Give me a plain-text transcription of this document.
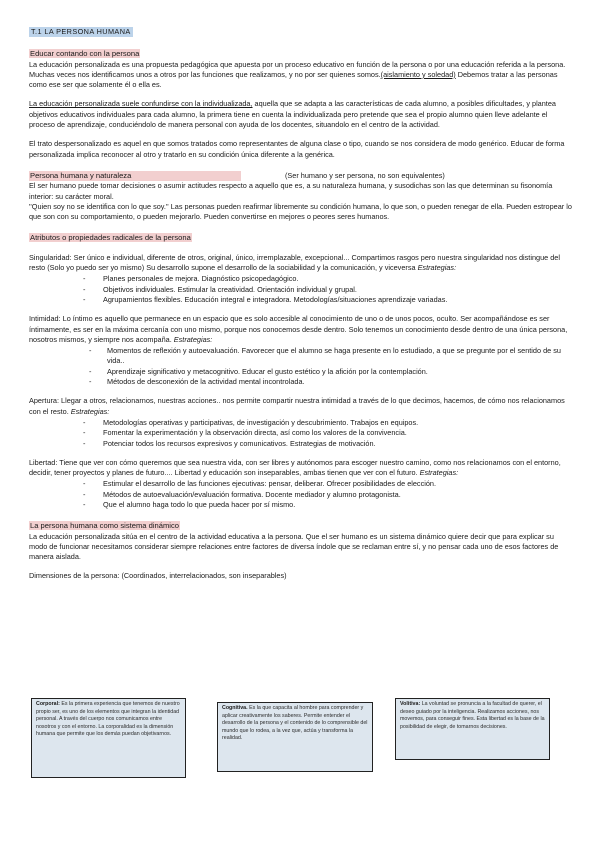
T.1 LA PERSONA HUMANA
Educar contando con la persona

La educación personalizada es una propuesta pedagógica que apuesta por un proceso educativo en función de la persona o por una educación referida a la persona. Muchas veces nos identificamos unos a otros por las funciones que realizamos, y no por ser quienes somos.(aislamiento y soledad) Debemos tratar a las personas como ese ser que solamente él o ella es.

La educación personalizada suele confundirse con la individualizada, aquella que se adapta a las características de cada alumno, a posibles dificultades, y plantea objetivos educativos individuales para cada alumno, la primera tiene en cuenta la individualizada pero pretende que sea el propio alumno quien lleve adelante el proceso de aprendizaje, conduciéndolo de manera personal con ayuda de los docentes, situandolo en el centro de la actividad.

El trato despersonalizado es aquel en que somos tratados como representantes de alguna clase o tipo, cuando se nos considera de modo genérico. Educar de forma personalizada implica reconocer al otro y tratarlo en su condición única diferente a la genérica.

Persona humana y naturaleza	(Ser humano y ser persona, no son equivalentes)

El ser humano puede tomar decisiones o asumir actitudes respecto a aquello que es, a su naturaleza humana, y susodichas son las que determinan su fisonomía interior: su carácter moral.

''Quien soy no se identifica con lo que soy.'' Las personas pueden reafirmar libremente su condición humana, lo que son, o pueden renegar de ella. Pueden estropear lo que son con su comportamiento, o pueden mejorarlo. Pueden convertirse en mejores o peores seres humanos.

Atributos o propiedades radicales de la persona

Singularidad: Ser único e individual, diferente de otros, original, único, irremplazable, excepcional... Compartimos rasgos pero nuestra singularidad nos distingue del resto (Solo yo puedo ser yo mismo) Su desarrollo supone el desarrollo de la sociabilidad y la comunicación, y viceversa Estrategias:

- Planes personales de mejora. Diagnóstico psicopedagógico.
- Objetivos individuales. Estimular la creatividad. Orientación individual y grupal.
- Agrupamientos flexibles. Educación integral e integradora. Metodologías/situaciones aprendizaje variadas.

Intimidad: Lo íntimo es aquello que permanece en un espacio que es solo accesible al conocimiento de uno o de unos pocos, oculto. Ser acompañándose es ser íntimamente, es ser en la máxima cercanía con uno mismo, porque nos conocemos desde dentro. Solo tenemos un conocimiento desde dentro de una única persona, nosotros mismos, y siempre nos acompaña. Estrategias:

- Momentos de reflexión y autoevaluación. Favorecer que el alumno se haga presente en lo estudiado, a que se pregunte por el sentido de su vida..
- Aprendizaje significativo y metacognitivo. Educar el gusto estético y la afición por la contemplación.
- Métodos de desconexión de la actividad mental incontrolada.

Apertura: Llegar a otros, relacionarnos, nuestras acciones.. nos permite compartir nuestra intimidad a través de lo que decimos, hacemos, de cómo nos relacionamos con el resto. Estrategias:

- Metodologías operativas y participativas, de investigación y descubrimiento. Trabajos en equipos.
- Fomentar la experimentación y la observación directa, así como los valores de la convivencia.
- Potenciar todos los recursos expresivos y comunicativos. Estrategias de motivación.

Libertad: Tiene que ver con cómo queremos que sea nuestra vida, con ser libres y autónomos para escoger nuestro camino, como nos relacionamos con el entorno, decidir, tener proyectos y planes de futuro.... Libertad y educación son inseparables, ambas tienen que ver con el futuro. Estrategias:

- Estimular el desarrollo de las funciones ejecutivas: pensar, deliberar. Ofrecer posibilidades de elección.
- Métodos de autoevaluación/evaluación formativa. Docente mediador y alumno protagonista.
- Que el alumno haga todo lo que pueda hacer por sí mismo.
La persona humana como sistema dinámico

La educación personalizada sitúa en el centro de la actividad educativa a la persona. Que el ser humano es un sistema dinámico quiere decir que para explicar su modo de funcionar necesitamos considerar siempre relaciones entre factores de diversa índole que se reclaman entre sí, y no pensar cada uno de esos factores de manera aislada.

Dimensiones de la persona: (Coordinados, interrelacionados, son inseparables)

Corporal: Es la primera experiencia que tenemos de nuestro propio ser, es uno de los elementos que integran la identidad personal. A través del cuerpo nos comunicamos entre nosotros y con el entorno. La corporalidad es la dimensión humana que permite que los demás puedan objetivarnos.
Cognitiva. Es la que capacita al hombre para comprender y aplicar creativamente los saberes. Permite entender el desarrollo de la persona y el contenido de lo comprensible del mundo que lo rodea, a la vez que, actúa y transforma la realidad.
Volitiva: La voluntad se pronuncia a la facultad de querer, el deseo guiado por la inteligencia. Realizamos acciones, nos movemos, para conseguir fines. Esta libertad es la base de la posibilidad de elegir, de tomarnos decisiones.
